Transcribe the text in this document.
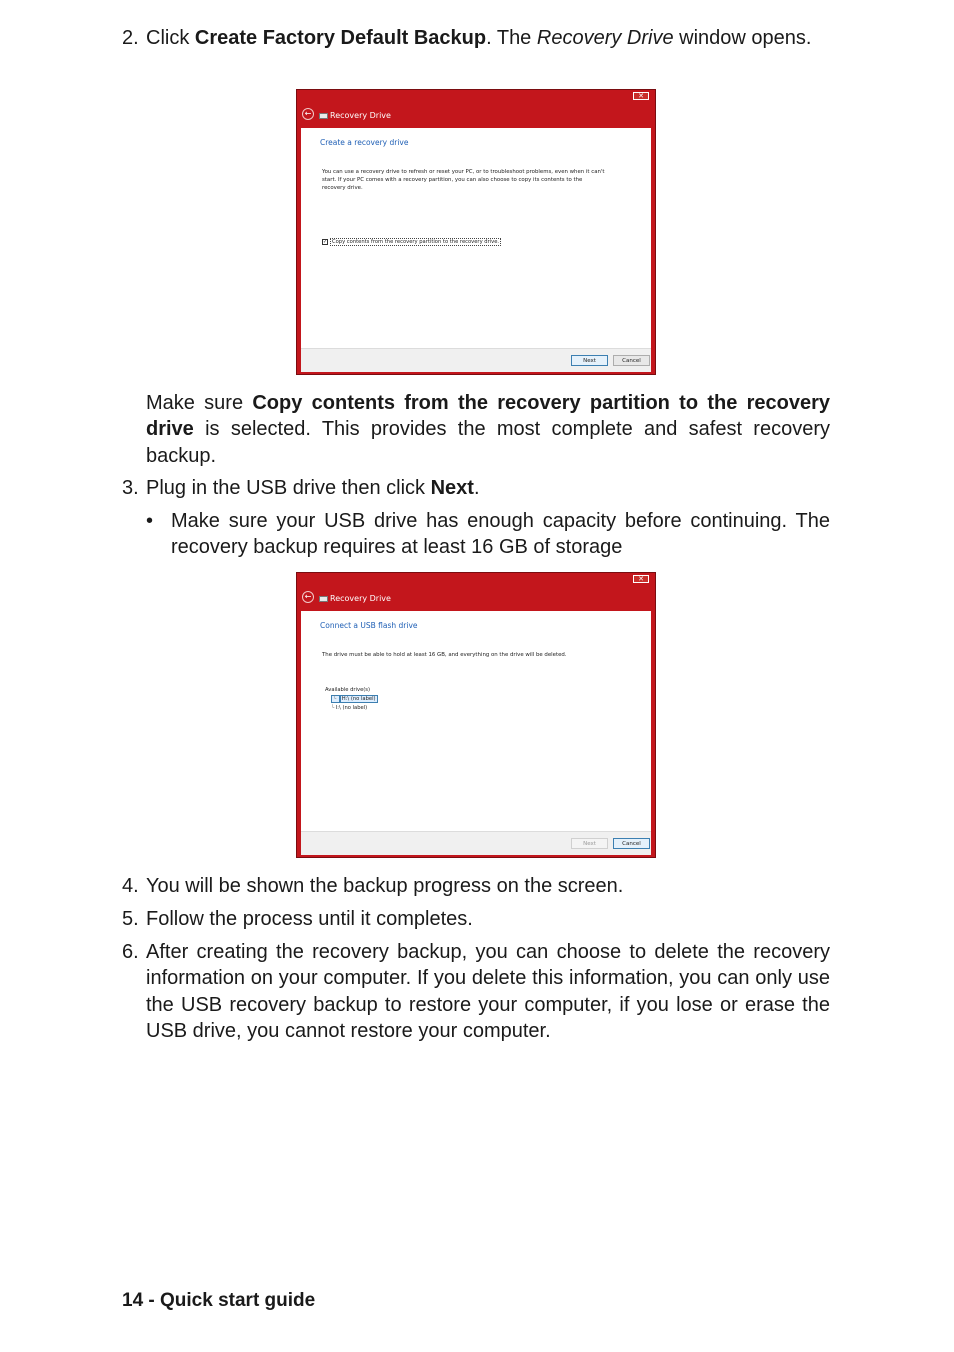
2. Click Create Factory Default Backup. The Recovery Drive window opens.
✕
←	Recovery Drive
Create a recovery drive
You can use a recovery drive to refresh or reset your PC, or to troubleshoot problems, even when it can't start. If your PC comes with a recovery partition, you can also choose to copy its contents to the recovery drive.
✓ Copy contents from the recovery partition to the recovery drive.
Next	Cancel
Make sure Copy contents from the recovery partition to the recovery drive is selected. This provides the most complete and safest recovery backup.
3. Plug in the USB drive then click Next.
• Make sure your USB drive has enough capacity before continuing. The recovery backup requires at least 16 GB of storage
✕
←	Recovery Drive
Connect a USB flash drive
The drive must be able to hold at least 16 GB, and everything on the drive will be deleted.
Available drive(s)
└ H:\ (no label)
└ I:\ (no label)
Next	Cancel
4. You will be shown the backup progress on the screen.
5. Follow the process until it completes.
6. After creating the recovery backup, you can choose to delete the recovery information on your computer. If you delete this information, you can only use the USB recovery backup to restore your computer, if you lose or erase the USB drive, you cannot restore your computer.
14 - Quick start guide
